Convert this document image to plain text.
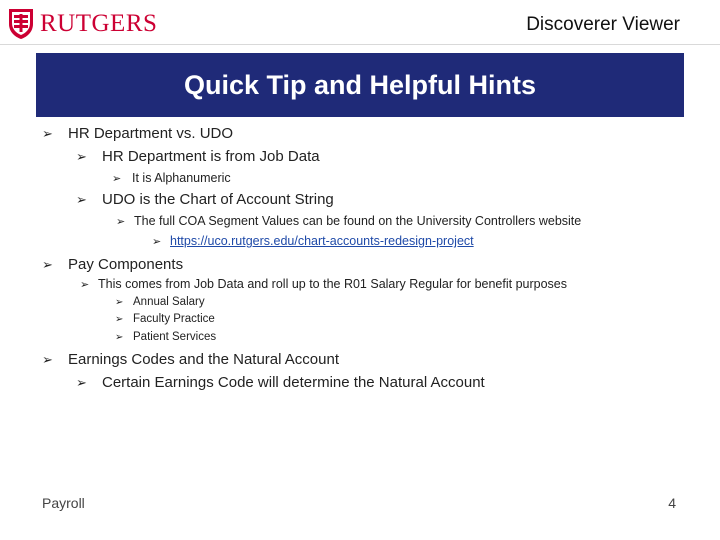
RUTGERS	Discoverer Viewer
Quick Tip and Helpful Hints
➢	HR Department vs. UDO
➢	HR Department is from Job Data
➢ It is Alphanumeric
➢	UDO is the Chart of Account String
➢ The full COA Segment Values can be found on the University Controllers website
➢ https://uco.rutgers.edu/chart-accounts-redesign-project
➢	Pay Components
➢ This comes from Job Data and roll up to the R01 Salary Regular for benefit purposes
➢ Annual Salary
➢ Faculty Practice
➢ Patient Services
➢	Earnings Codes and the Natural Account
➢	Certain Earnings Code will determine the Natural Account
Payroll	4
